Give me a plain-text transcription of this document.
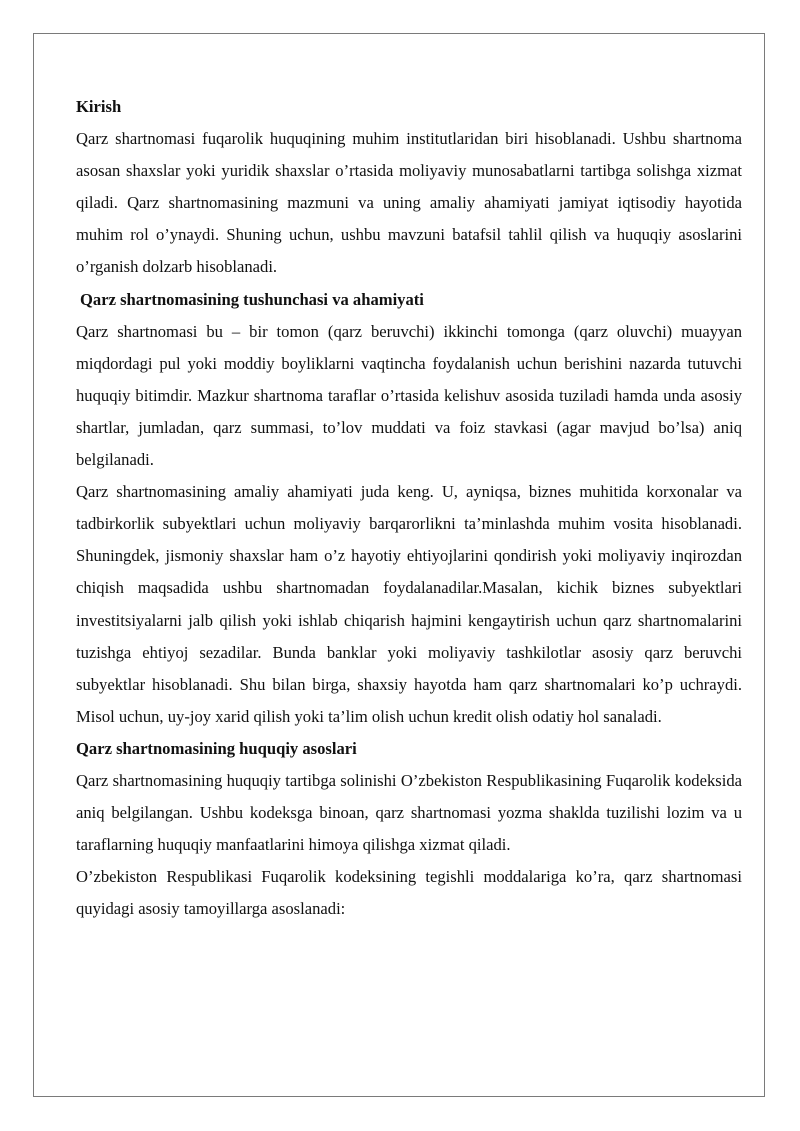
Kirish

Qarz shartnomasi fuqarolik huquqining muhim institutlaridan biri hisoblanadi. Ushbu shartnoma asosan shaxslar yoki yuridik shaxslar o’rtasida moliyaviy munosabatlarni tartibga solishga xizmat qiladi. Qarz shartnomasining mazmuni va uning amaliy ahamiyati jamiyat iqtisodiy hayotida muhim rol o’ynaydi. Shuning uchun, ushbu mavzuni batafsil tahlil qilish va huquqiy asoslarini o’rganish dolzarb hisoblanadi.

Qarz shartnomasining tushunchasi va ahamiyati

Qarz shartnomasi bu – bir tomon (qarz beruvchi) ikkinchi tomonga (qarz oluvchi) muayyan miqdordagi pul yoki moddiy boyliklarni vaqtincha foydalanish uchun berishini nazarda tutuvchi huquqiy bitimdir. Mazkur shartnoma taraflar o’rtasida kelishuv asosida tuziladi hamda unda asosiy shartlar, jumladan, qarz summasi, to’lov muddati va foiz stavkasi (agar mavjud bo’lsa) aniq belgilanadi.

Qarz shartnomasining amaliy ahamiyati juda keng. U, ayniqsa, biznes muhitida korxonalar va tadbirkorlik subyektlari uchun moliyaviy barqarorlikni ta’minlashda muhim vosita hisoblanadi. Shuningdek, jismoniy shaxslar ham o’z hayotiy ehtiyojlarini qondirish yoki moliyaviy inqirozdan chiqish maqsadida ushbu shartnomadan foydalanadilar.Masalan, kichik biznes subyektlari investitsiyalarni jalb qilish yoki ishlab chiqarish hajmini kengaytirish uchun qarz shartnomalarini tuzishga ehtiyoj sezadilar. Bunda banklar yoki moliyaviy tashkilotlar asosiy qarz beruvchi subyektlar hisoblanadi. Shu bilan birga, shaxsiy hayotda ham qarz shartnomalari ko’p uchraydi. Misol uchun, uy-joy xarid qilish yoki ta’lim olish uchun kredit olish odatiy hol sanaladi.

Qarz shartnomasining huquqiy asoslari

Qarz shartnomasining huquqiy tartibga solinishi O’zbekiston Respublikasining Fuqarolik kodeksida aniq belgilangan. Ushbu kodeksga binoan, qarz shartnomasi yozma shaklda tuzilishi lozim va u taraflarning huquqiy manfaatlarini himoya qilishga xizmat qiladi.

O’zbekiston Respublikasi Fuqarolik kodeksining tegishli moddalariga ko’ra, qarz shartnomasi quyidagi asosiy tamoyillarga asoslanadi:
